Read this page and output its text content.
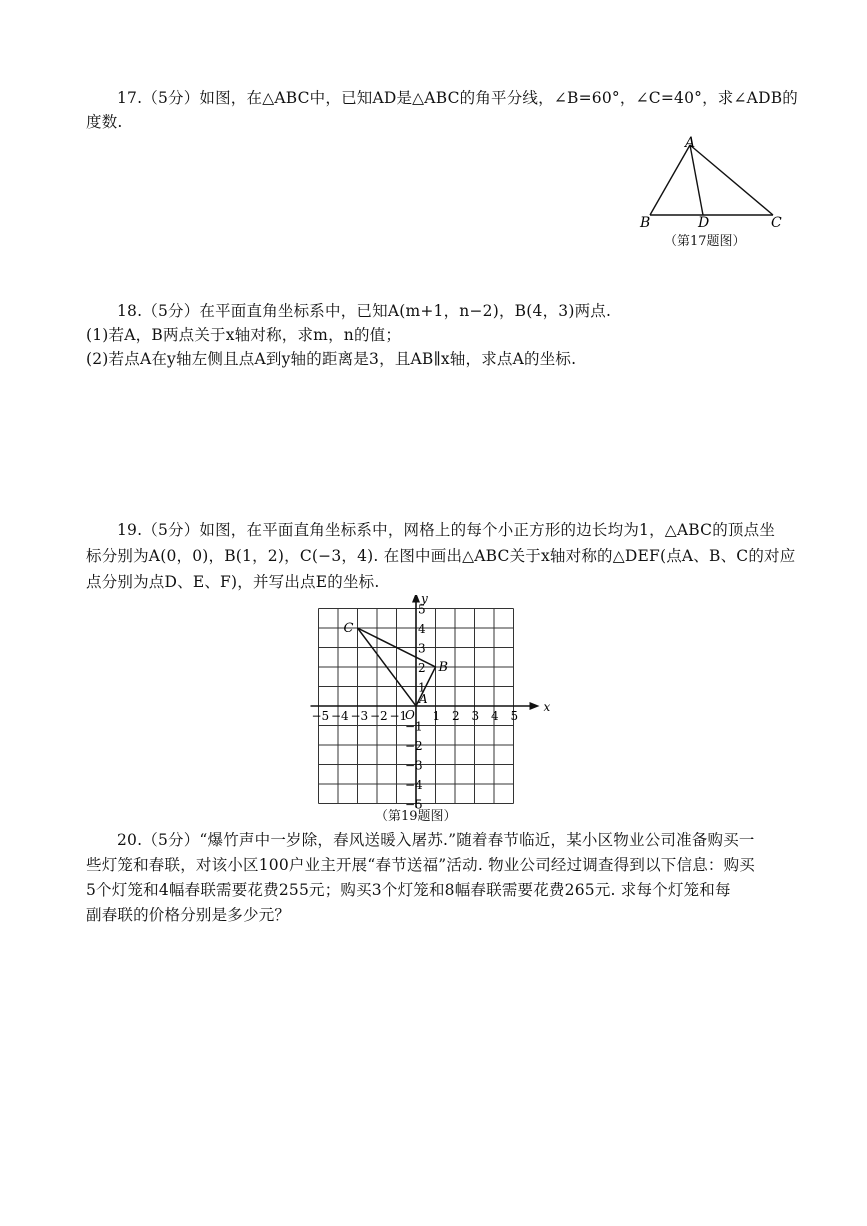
17.（5分）如图，在△ABC中，已知AD是△ABC的角平分线，∠B=60°，∠C=40°，求∠ADB的
度数.
A
B	D	C
（第17题图）
18.（5分）在平面直角坐标系中，已知A(m+1，n−2)，B(4，3)两点.
(1)若A，B两点关于x轴对称，求m，n的值；
(2)若点A在y轴左侧且点A到y轴的距离是3，且AB∥x轴，求点A的坐标.
19.（5分）如图，在平面直角坐标系中，网格上的每个小正方形的边长均为1，△ABC的顶点坐
标分别为A(0，0)，B(1，2)，C(−3，4). 在图中画出△ABC关于x轴对称的△DEF(点A、B、C的对应
点分别为点D、E、F)，并写出点E的坐标.
x
y
−5 −4 −3 −2 −1 1 2 3 4 5
5
4
3
2
1
−1
−2
−3
−4
−5
O
A
B
C
（第19题图）
20.（5分）“爆竹声中一岁除，春风送暖入屠苏.”随着春节临近，某小区物业公司准备购买一
些灯笼和春联，对该小区100户业主开展“春节送福”活动. 物业公司经过调查得到以下信息：购买
5个灯笼和4幅春联需要花费255元；购买3个灯笼和8幅春联需要花费265元. 求每个灯笼和每
副春联的价格分别是多少元？
